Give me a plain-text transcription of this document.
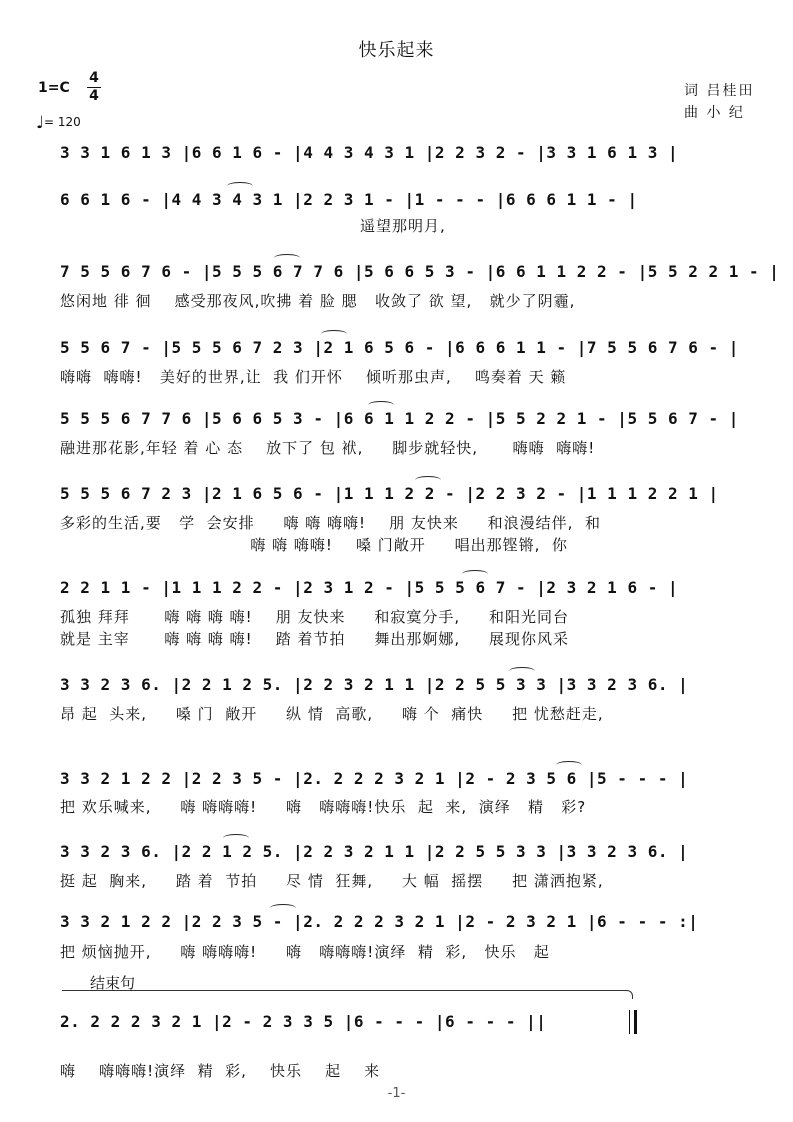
快乐起来
1=C
4
4
♩= 120
词 吕桂田
曲 小 纪
3 3 1 6 1 3 |6 6 1 6 - |4 4 3 4 3 1 |2 2 3 2 - |3 3 1 6 1 3 |
6 6 1 6 - |4 4 3 4 3 1 |2 2 3 1 - |1 - - - |6 6 6 1 1 - |
遥望那明月,
7 5 5 6 7 6 - |5 5 5 6 7 7 6 |5 6 6 5 3 - |6 6 1 1 2 2 - |5 5 2 2 1 - |
悠闲地 徘 徊    感受那夜风,吹拂 着 脸 腮   收敛了 欲 望,   就少了阴霾,
5 5 6 7 - |5 5 5 6 7 2 3 |2 1 6 5 6 - |6 6 6 1 1 - |7 5 5 6 7 6 - |
嗨嗨  嗨嗨!   美好的世界,让  我 们开怀    倾听那虫声,    鸣奏着 天 籁
5 5 5 6 7 7 6 |5 6 6 5 3 - |6 6 1 1 2 2 - |5 5 2 2 1 - |5 5 6 7 - |
融进那花影,年轻 着 心 态    放下了 包 袱,     脚步就轻快,      嗨嗨  嗨嗨!
5 5 5 6 7 2 3 |2 1 6 5 6 - |1 1 1 2 2 - |2 2 3 2 - |1 1 1 2 2 1 |
多彩的生活,要   学  会安排     嗨 嗨 嗨嗨!    朋 友快来     和浪漫结伴,  和
嗨 嗨 嗨嗨!    嗓 门敞开     唱出那铿锵,  你
2 2 1 1 - |1 1 1 2 2 - |2 3 1 2 - |5 5 5 6 7 - |2 3 2 1 6 - |
孤独 拜拜      嗨 嗨 嗨 嗨!    朋 友快来     和寂寞分手,     和阳光同台
就是 主宰      嗨 嗨 嗨 嗨!    踏 着节拍     舞出那婀娜,     展现你风采
3 3 2 3 6. |2 2 1 2 5. |2 2 3 2 1 1 |2 2 5 5 3 3 |3 3 2 3 6. |
昂 起  头来,     嗓 门  敞开     纵 情  高歌,     嗨 个  痛快     把 忧愁赶走,
3 3 2 1 2 2 |2 2 3 5 - |2. 2 2 2 3 2 1 |2 - 2 3 5 6 |5 - - - |
把 欢乐喊来,     嗨 嗨嗨嗨!     嗨   嗨嗨嗨!快乐  起  来,  演绎   精   彩?
3 3 2 3 6. |2 2 1 2 5. |2 2 3 2 1 1 |2 2 5 5 3 3 |3 3 2 3 6. |
挺 起  胸来,     踏 着  节拍     尽 情  狂舞,     大 幅  摇摆     把 潇洒抱紧,
3 3 2 1 2 2 |2 2 3 5 - |2. 2 2 2 3 2 1 |2 - 2 3 2 1 |6 - - - :|
把 烦恼抛开,     嗨 嗨嗨嗨!     嗨   嗨嗨嗨!演绎  精  彩,   快乐   起
2. 2 2 2 3 2 1 |2 - 2 3 3 5 |6 - - - |6 - - - ||
嗨    嗨嗨嗨!演绎  精  彩,    快乐    起    来
结束句
-1-
